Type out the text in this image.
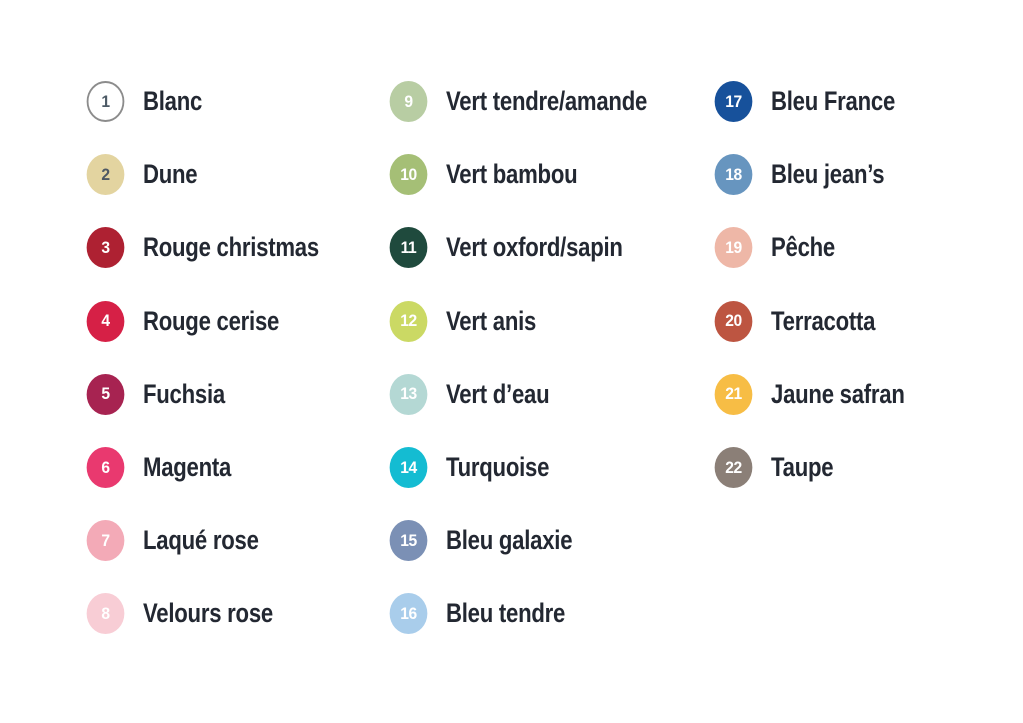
1	Blanc
2	Dune
3	Rouge christmas
4	Rouge cerise
5	Fuchsia
6	Magenta
7	Laqué rose
8	Velours rose
9	Vert tendre/amande
10	Vert bambou
11	Vert oxford/sapin
12	Vert anis
13	Vert d’eau
14	Turquoise
15	Bleu galaxie
16	Bleu tendre
17	Bleu France
18	Bleu jean’s
19	Pêche
20	Terracotta
21	Jaune safran
22	Taupe
